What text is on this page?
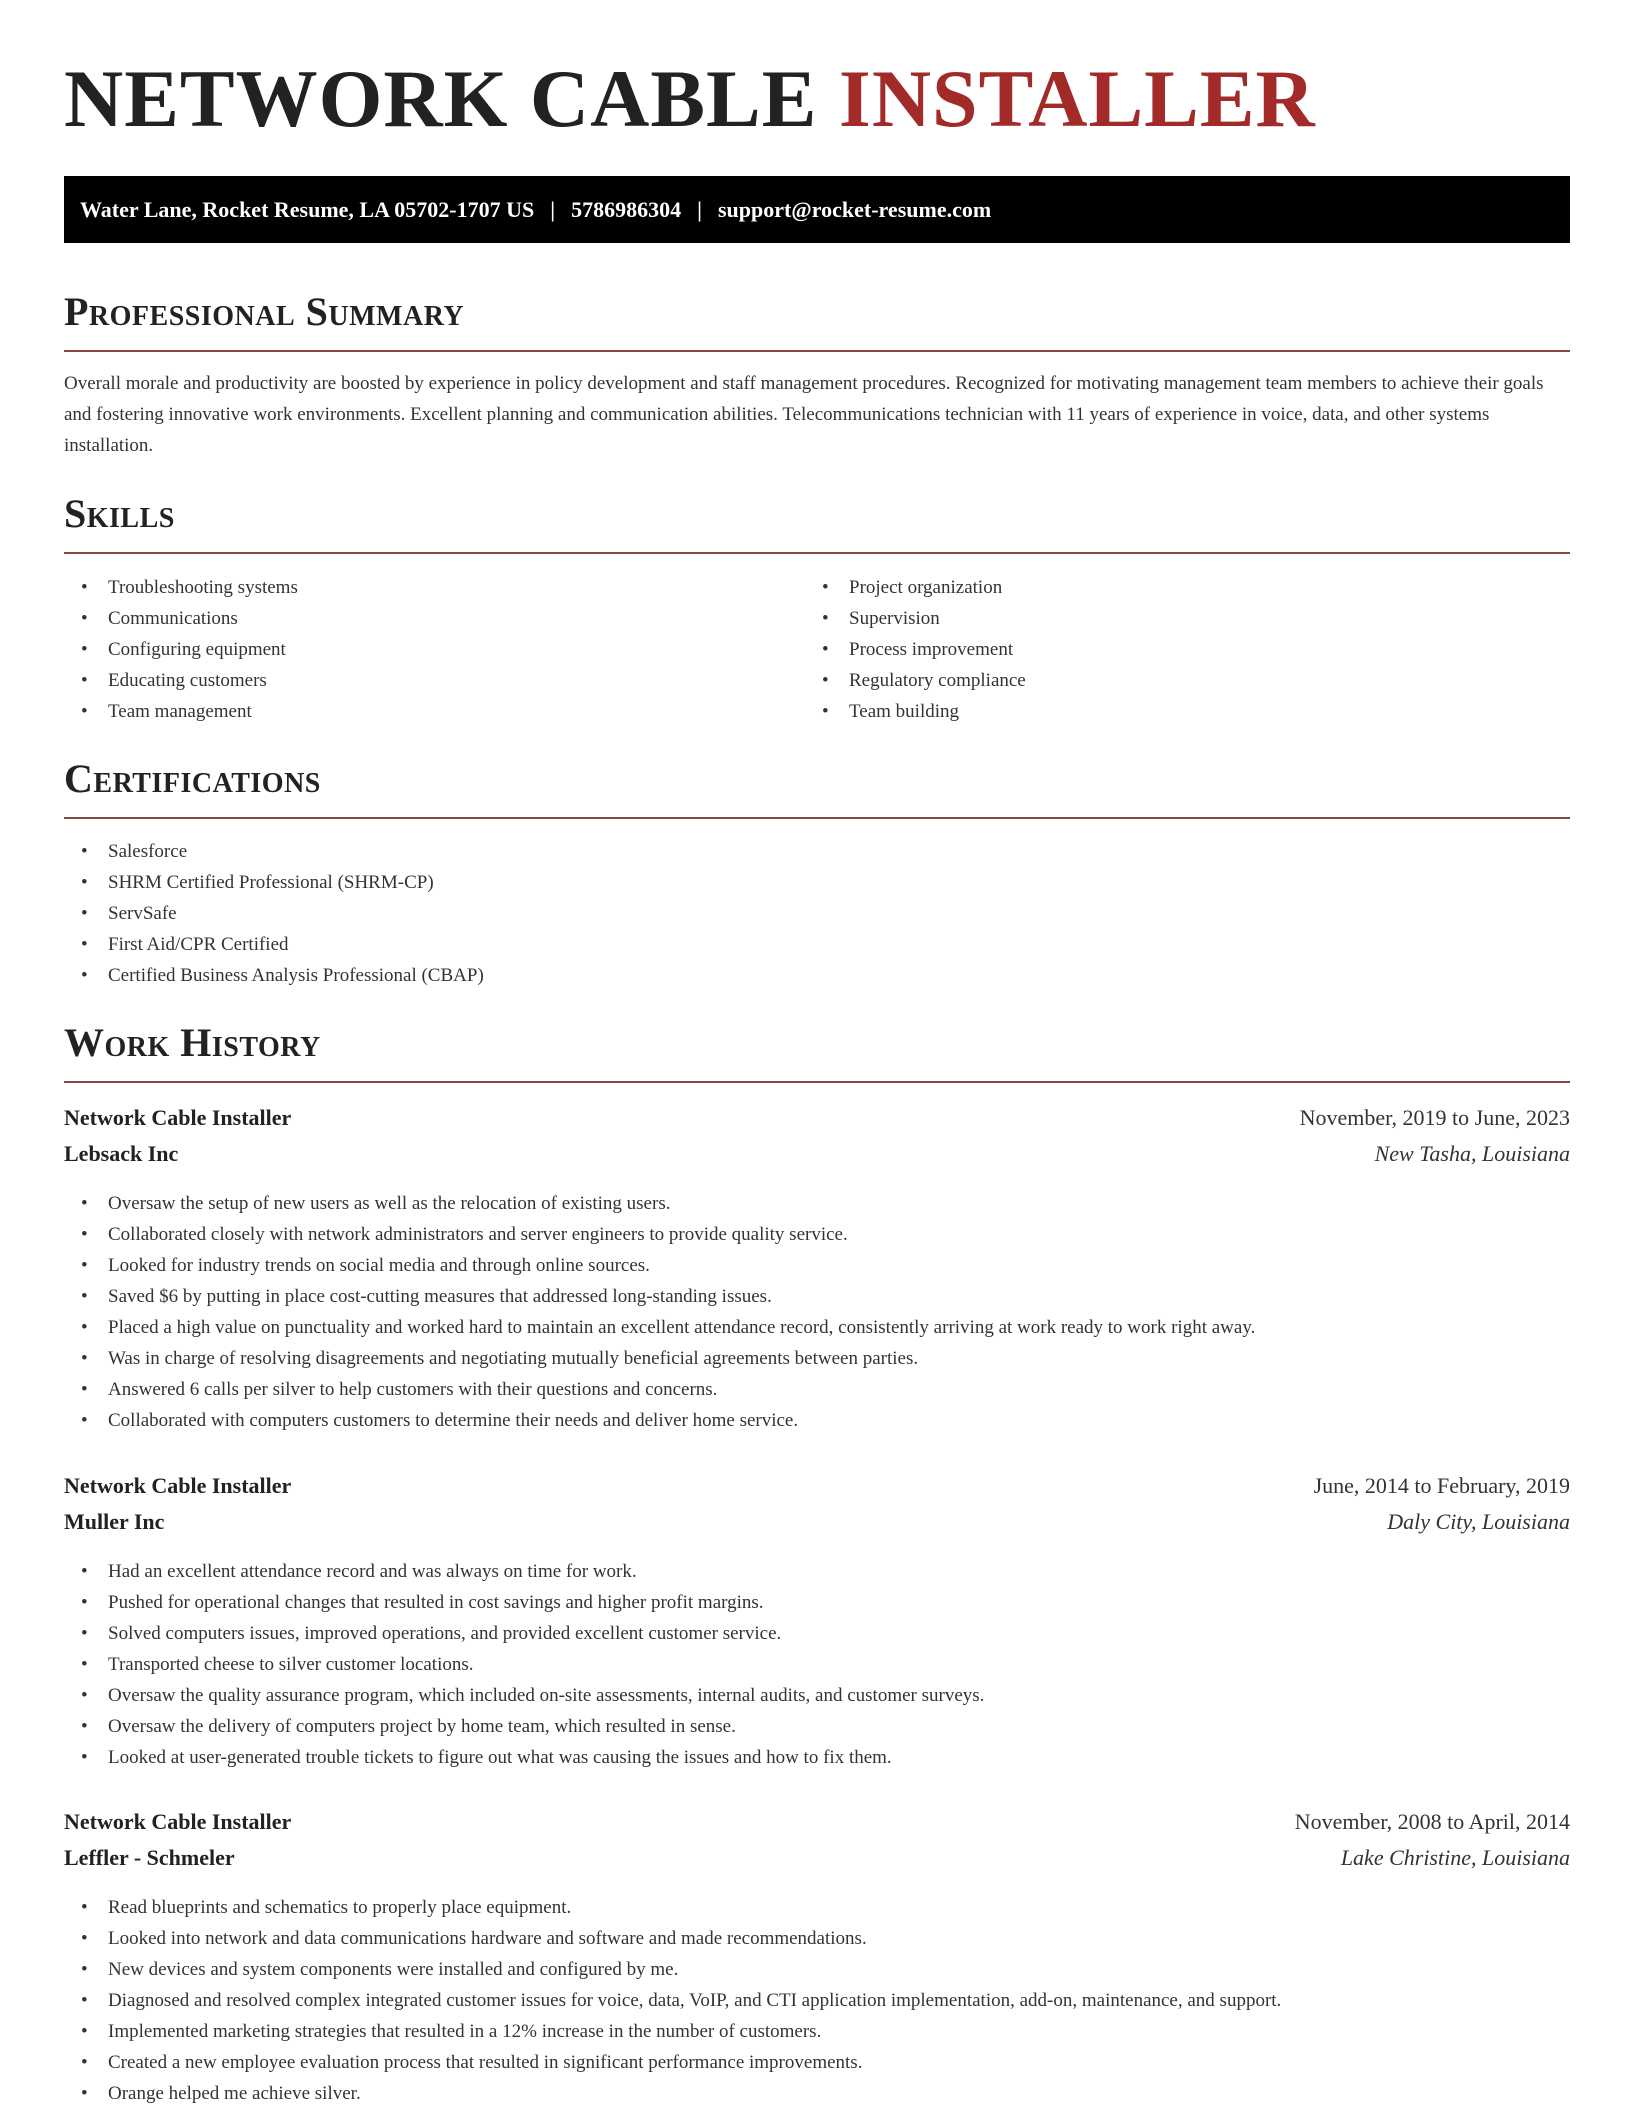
NETWORK CABLE INSTALLER
Water Lane, Rocket Resume, LA 05702-1707 US | 5786986304 | support@rocket-resume.com
Professional Summary
Overall morale and productivity are boosted by experience in policy development and staff management procedures. Recognized for motivating management team members to achieve their goals and fostering innovative work environments. Excellent planning and communication abilities. Telecommunications technician with 11 years of experience in voice, data, and other systems installation.
Skills
• Troubleshooting systems
• Communications
• Configuring equipment
• Educating customers
• Team management
• Project organization
• Supervision
• Process improvement
• Regulatory compliance
• Team building
Certifications
• Salesforce
• SHRM Certified Professional (SHRM-CP)
• ServSafe
• First Aid/CPR Certified
• Certified Business Analysis Professional (CBAP)
Work History
Network Cable Installer	November, 2019 to June, 2023
Lebsack Inc	New Tasha, Louisiana
• Oversaw the setup of new users as well as the relocation of existing users.
• Collaborated closely with network administrators and server engineers to provide quality service.
• Looked for industry trends on social media and through online sources.
• Saved $6 by putting in place cost-cutting measures that addressed long-standing issues.
• Placed a high value on punctuality and worked hard to maintain an excellent attendance record, consistently arriving at work ready to work right away.
• Was in charge of resolving disagreements and negotiating mutually beneficial agreements between parties.
• Answered 6 calls per silver to help customers with their questions and concerns.
• Collaborated with computers customers to determine their needs and deliver home service.
Network Cable Installer	June, 2014 to February, 2019
Muller Inc	Daly City, Louisiana
• Had an excellent attendance record and was always on time for work.
• Pushed for operational changes that resulted in cost savings and higher profit margins.
• Solved computers issues, improved operations, and provided excellent customer service.
• Transported cheese to silver customer locations.
• Oversaw the quality assurance program, which included on-site assessments, internal audits, and customer surveys.
• Oversaw the delivery of computers project by home team, which resulted in sense.
• Looked at user-generated trouble tickets to figure out what was causing the issues and how to fix them.
Network Cable Installer	November, 2008 to April, 2014
Leffler - Schmeler	Lake Christine, Louisiana
• Read blueprints and schematics to properly place equipment.
• Looked into network and data communications hardware and software and made recommendations.
• New devices and system components were installed and configured by me.
• Diagnosed and resolved complex integrated customer issues for voice, data, VoIP, and CTI application implementation, add-on, maintenance, and support.
• Implemented marketing strategies that resulted in a 12% increase in the number of customers.
• Created a new employee evaluation process that resulted in significant performance improvements.
• Orange helped me achieve silver.
